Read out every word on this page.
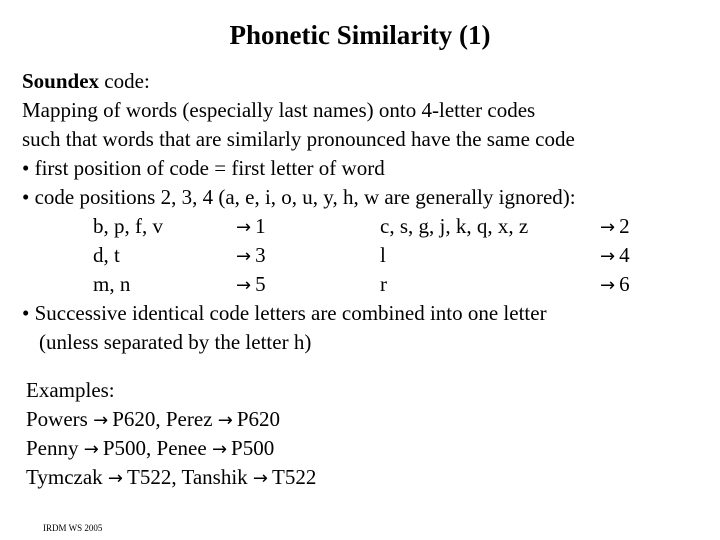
Phonetic Similarity (1)
Soundex code:
Mapping of words (especially last names) onto 4-letter codes
such that words that are similarly pronounced have the same code
• first position of code = first letter of word
• code positions 2, 3, 4 (a, e, i, o, u, y, h, w are generally ignored):
b, p, f, v	→ 1	c, s, g, j, k, q, x, z	→ 2
d, t	→ 3	l	→ 4
m, n	→ 5	r	→ 6
• Successive identical code letters are combined into one letter
(unless separated by the letter h)
Examples:
Powers → P620, Perez → P620
Penny → P500, Penee → P500
Tymczak → T522, Tanshik → T522
IRDM WS 2005
